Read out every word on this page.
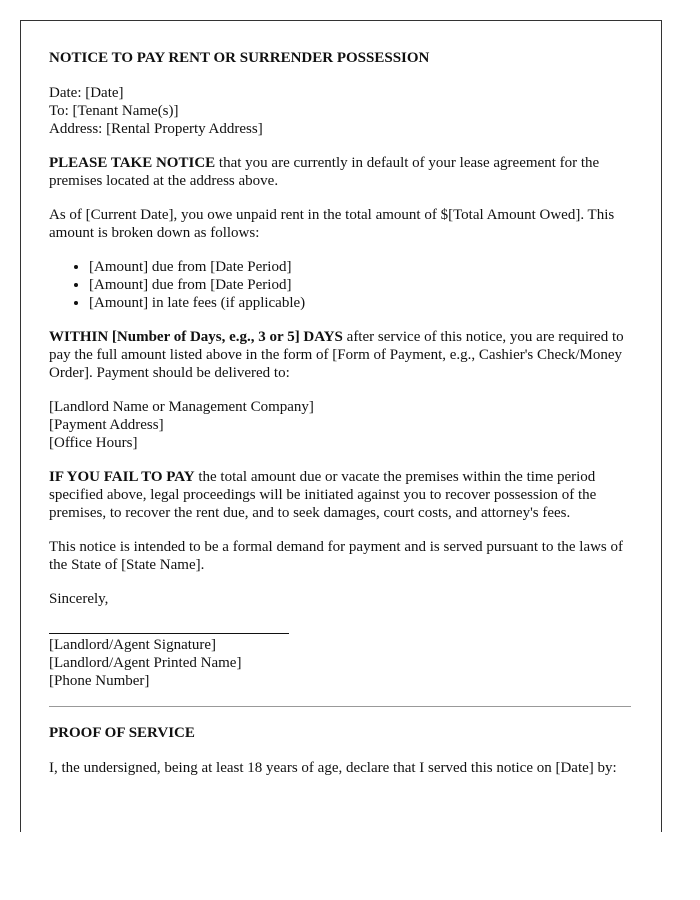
NOTICE TO PAY RENT OR SURRENDER POSSESSION

Date: [Date]
To: [Tenant Name(s)]
Address: [Rental Property Address]

PLEASE TAKE NOTICE that you are currently in default of your lease agreement for the premises located at the address above.

As of [Current Date], you owe unpaid rent in the total amount of $[Total Amount Owed]. This amount is broken down as follows:

• [Amount] due from [Date Period]
• [Amount] due from [Date Period]
• [Amount] in late fees (if applicable)

WITHIN [Number of Days, e.g., 3 or 5] DAYS after service of this notice, you are required to pay the full amount listed above in the form of [Form of Payment, e.g., Cashier's Check/Money Order]. Payment should be delivered to:

[Landlord Name or Management Company]
[Payment Address]
[Office Hours]

IF YOU FAIL TO PAY the total amount due or vacate the premises within the time period specified above, legal proceedings will be initiated against you to recover possession of the premises, to recover the rent due, and to seek damages, court costs, and attorney's fees.

This notice is intended to be a formal demand for payment and is served pursuant to the laws of the State of [State Name].

Sincerely,

[Landlord/Agent Signature]
[Landlord/Agent Printed Name]
[Phone Number]
PROOF OF SERVICE

I, the undersigned, being at least 18 years of age, declare that I served this notice on [Date] by:
